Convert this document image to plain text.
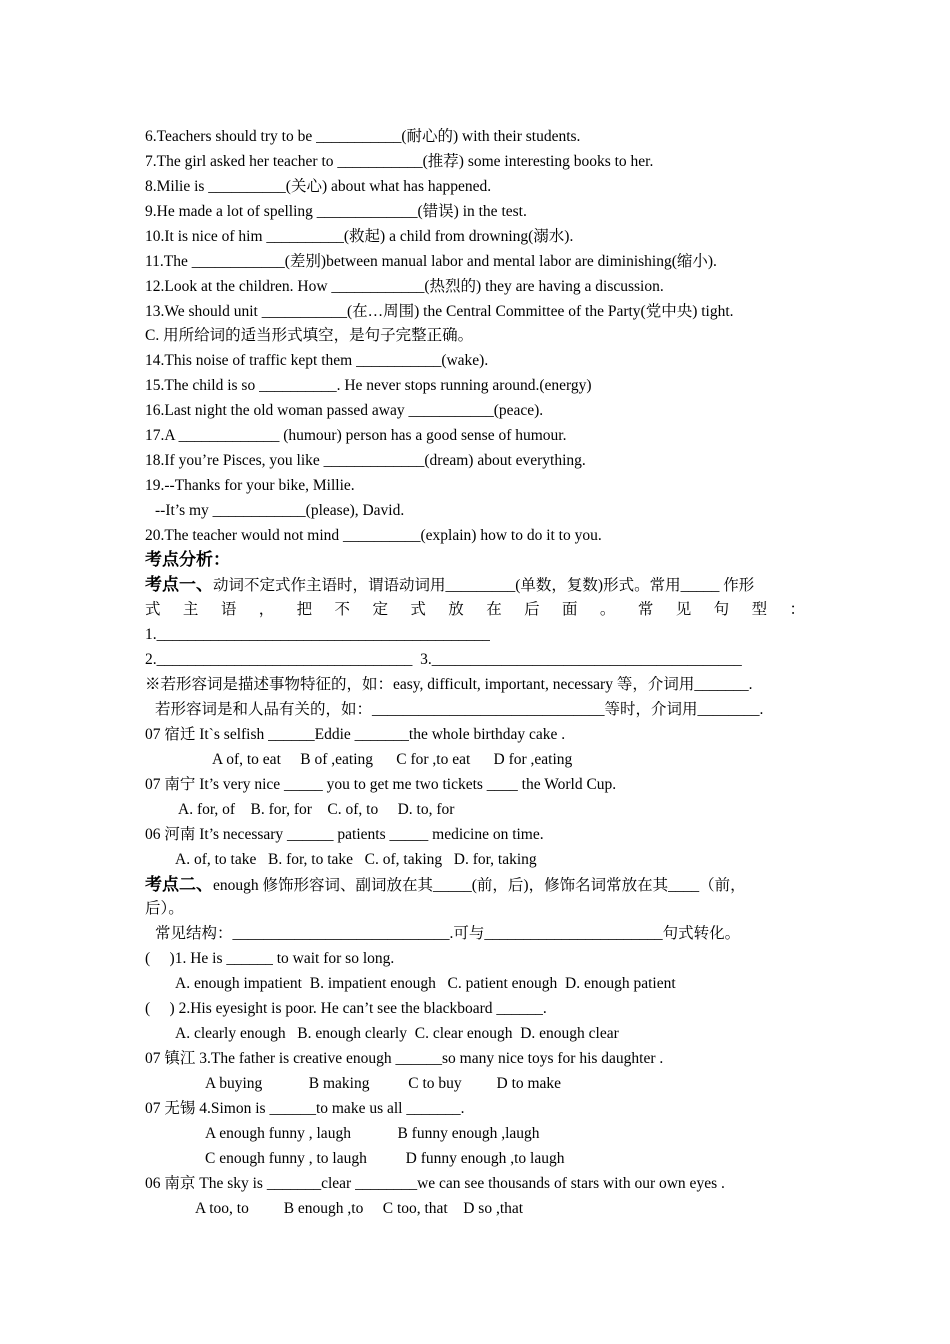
6.Teachers should try to be ___________(耐心的) with their students.
7.The girl asked her teacher to ___________(推荐) some interesting books to her.
8.Milie is __________(关心) about what has happened.
9.He made a lot of spelling _____________(错误) in the test.
10.It is nice of him __________(救起) a child from drowning(溺水).
11.The ____________(差别)between manual labor and mental labor are diminishing(缩小).
12.Look at the children. How ____________(热烈的) they are having a discussion.
13.We should unit ___________(在…周围) the Central Committee of the Party(党中央) tight.
C. 用所给词的适当形式填空，是句子完整正确。
14.This noise of traffic kept them ___________(wake).
15.The child is so __________. He never stops running around.(energy)
16.Last night the old woman passed away ___________(peace).
17.A _____________ (humour) person has a good sense of humour.
18.If you’re Pisces, you like _____________(dream) about everything.
19.--Thanks for your bike, Millie.
--It’s my ____________(please), David.
20.The teacher would not mind __________(explain) how to do it to you.
考点分析：
考点一、动词不定式作主语时，谓语动词用_________(单数，复数)形式。常用_____ 作形
式 主 语 ， 把 不 定 式 放 在 后 面 。 常 见 句 型 ：
1.___________________________________________
2._________________________________  3.________________________________________
※若形容词是描述事物特征的，如：easy, difficult, important, necessary 等，介词用_______.
若形容词是和人品有关的，如：______________________________等时，介词用________.
07 宿迁 It`s selfish ______Eddie _______the whole birthday cake .
A of, to eat     B of ,eating      C for ,to eat      D for ,eating
07 南宁 It’s very nice _____ you to get me two tickets ____ the World Cup.
A. for, of    B. for, for    C. of, to     D. to, for
06 河南 It’s necessary ______ patients _____ medicine on time.
A. of, to take   B. for, to take   C. of, taking   D. for, taking
考点二、enough 修饰形容词、副词放在其_____(前，后)，修饰名词常放在其____（前，
后）。
常见结构：____________________________.可与_______________________句式转化。
(     )1. He is ______ to wait for so long.
A. enough impatient  B. impatient enough   C. patient enough  D. enough patient
(     ) 2.His eyesight is poor. He can’t see the blackboard ______.
A. clearly enough   B. enough clearly  C. clear enough  D. enough clear
07 镇江 3.The father is creative enough ______so many nice toys for his daughter .
A buying            B making          C to buy         D to make
07 无锡 4.Simon is ______to make us all _______.
A enough funny , laugh            B funny enough ,laugh
C enough funny , to laugh          D funny enough ,to laugh
06 南京 The sky is _______clear ________we can see thousands of stars with our own eyes .
A too, to         B enough ,to     C too, that    D so ,that
